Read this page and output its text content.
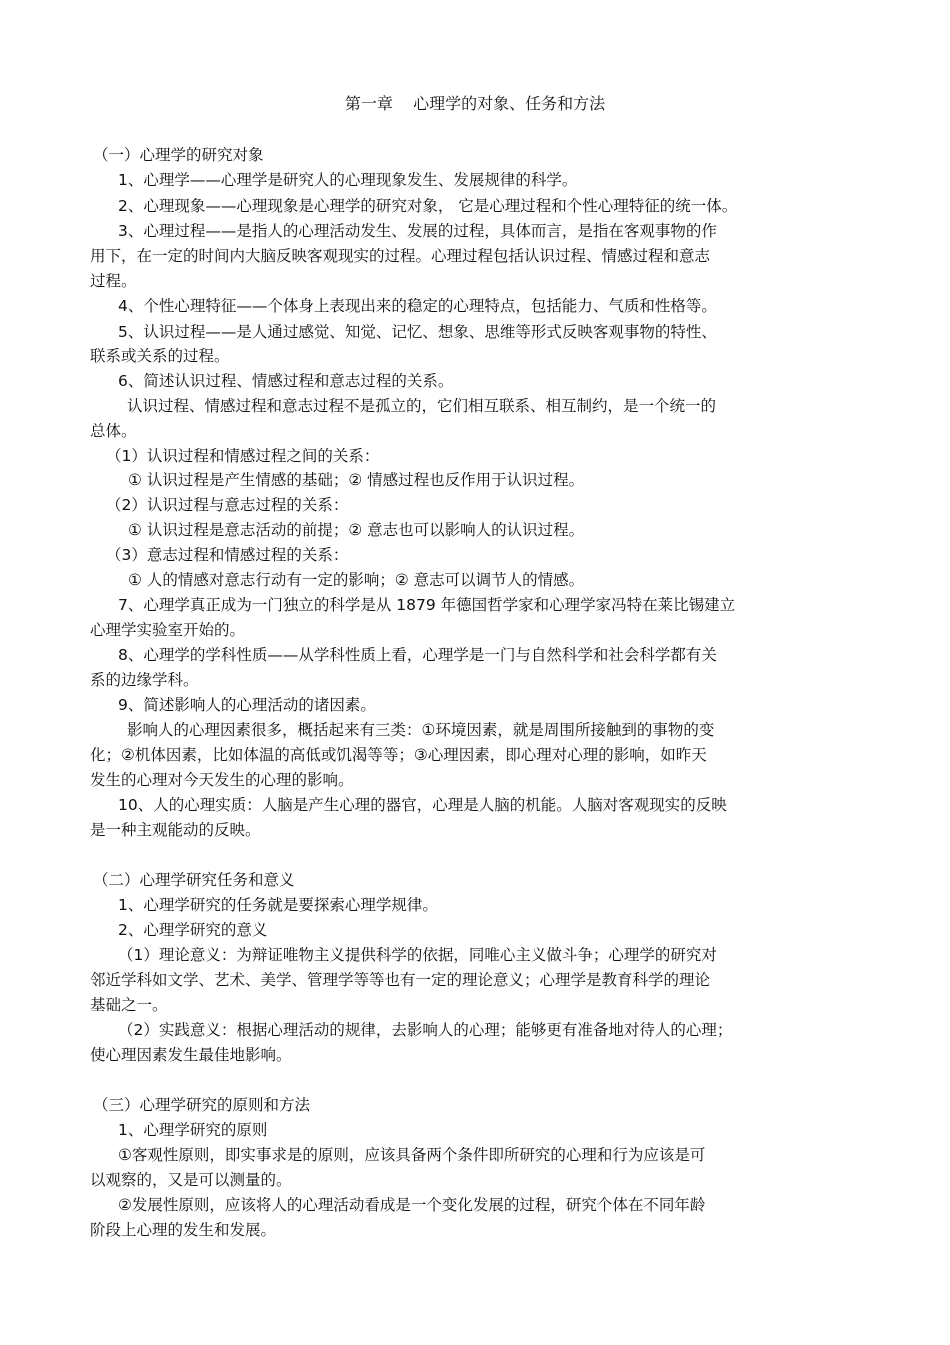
第一章    心理学的对象、任务和方法
（一）心理学的研究对象
1、心理学——心理学是研究人的心理现象发生、发展规律的科学。
2、心理现象——心理现象是心理学的研究对象， 它是心理过程和个性心理特征的统一体。
3、心理过程——是指人的心理活动发生、发展的过程，具体而言，是指在客观事物的作
用下，在一定的时间内大脑反映客观现实的过程。心理过程包括认识过程、情感过程和意志
过程。
4、个性心理特征——个体身上表现出来的稳定的心理特点，包括能力、气质和性格等。
5、认识过程——是人通过感觉、知觉、记忆、想象、思维等形式反映客观事物的特性、
联系或关系的过程。
6、简述认识过程、情感过程和意志过程的关系。
认识过程、情感过程和意志过程不是孤立的，它们相互联系、相互制约，是一个统一的
总体。
（1）认识过程和情感过程之间的关系：
① 认识过程是产生情感的基础；② 情感过程也反作用于认识过程。
（2）认识过程与意志过程的关系：
① 认识过程是意志活动的前提；② 意志也可以影响人的认识过程。
（3）意志过程和情感过程的关系：
① 人的情感对意志行动有一定的影响；② 意志可以调节人的情感。
7、心理学真正成为一门独立的科学是从 1879 年德国哲学家和心理学家冯特在莱比锡建立
心理学实验室开始的。
8、心理学的学科性质——从学科性质上看，心理学是一门与自然科学和社会科学都有关
系的边缘学科。
9、简述影响人的心理活动的诸因素。
影响人的心理因素很多，概括起来有三类：①环境因素，就是周围所接触到的事物的变
化；②机体因素，比如体温的高低或饥渴等等；③心理因素，即心理对心理的影响，如昨天
发生的心理对今天发生的心理的影响。
10、人的心理实质：人脑是产生心理的器官，心理是人脑的机能。人脑对客观现实的反映
是一种主观能动的反映。
（二）心理学研究任务和意义
1、心理学研究的任务就是要探索心理学规律。
2、心理学研究的意义
（1）理论意义：为辩证唯物主义提供科学的依据，同唯心主义做斗争；心理学的研究对
邻近学科如文学、艺术、美学、管理学等等也有一定的理论意义；心理学是教育科学的理论
基础之一。
（2）实践意义：根据心理活动的规律，去影响人的心理；能够更有准备地对待人的心理；
使心理因素发生最佳地影响。
（三）心理学研究的原则和方法
1、心理学研究的原则
①客观性原则，即实事求是的原则，应该具备两个条件即所研究的心理和行为应该是可
以观察的，又是可以测量的。
②发展性原则，应该将人的心理活动看成是一个变化发展的过程，研究个体在不同年龄
阶段上心理的发生和发展。
